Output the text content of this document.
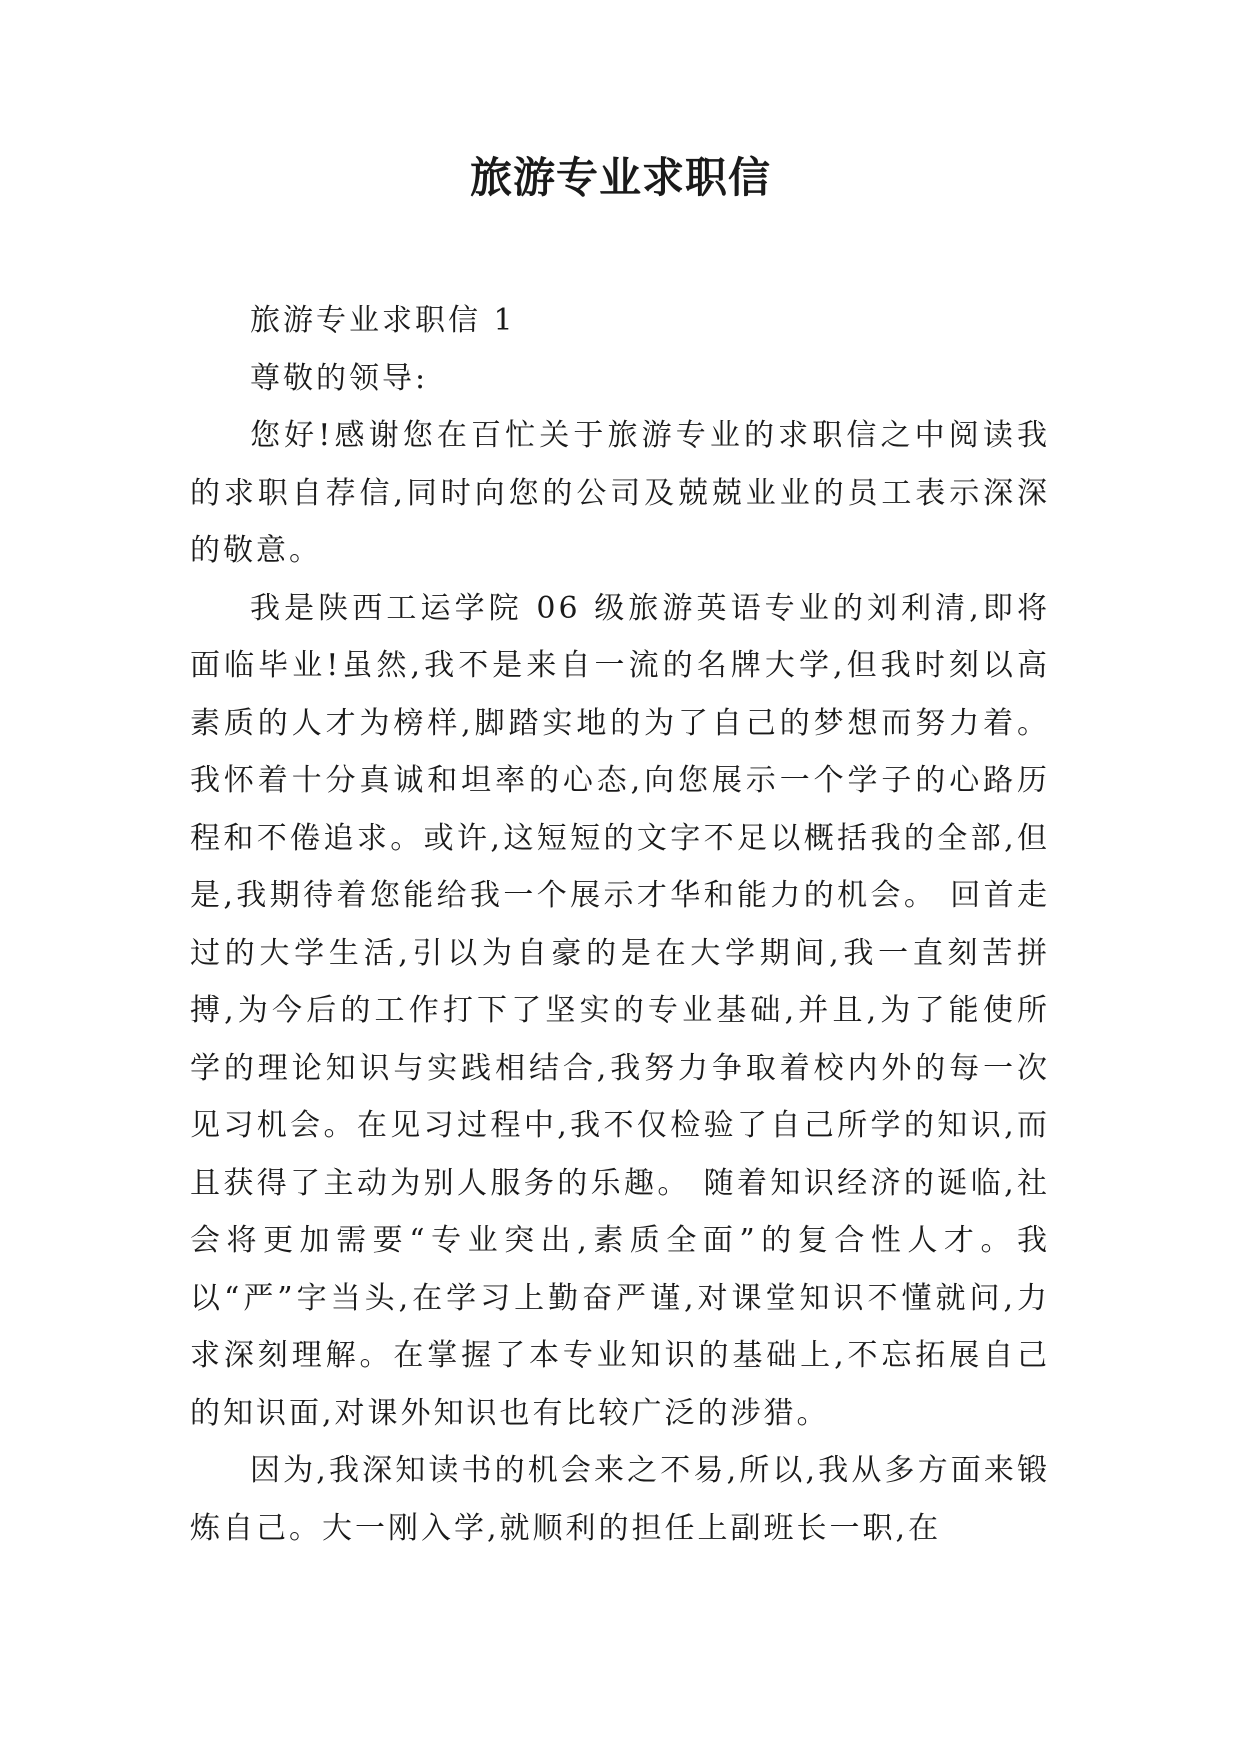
旅游专业求职信

旅游专业求职信 1

尊敬的领导:

您好!感谢您在百忙关于旅游专业的求职信之中阅读我的求职自荐信,同时向您的公司及兢兢业业的员工表示深深的敬意。

我是陕西工运学院 06 级旅游英语专业的刘利清,即将面临毕业!虽然,我不是来自一流的名牌大学,但我时刻以高素质的人才为榜样,脚踏实地的为了自己的梦想而努力着。我怀着十分真诚和坦率的心态,向您展示一个学子的心路历程和不倦追求。或许,这短短的文字不足以概括我的全部,但是,我期待着您能给我一个展示才华和能力的机会。 回首走过的大学生活,引以为自豪的是在大学期间,我一直刻苦拼搏,为今后的工作打下了坚实的专业基础,并且,为了能使所学的理论知识与实践相结合,我努力争取着校内外的每一次见习机会。在见习过程中,我不仅检验了自己所学的知识,而且获得了主动为别人服务的乐趣。 随着知识经济的诞临,社会将更加需要“专业突出,素质全面”的复合性人才。我以“严”字当头,在学习上勤奋严谨,对课堂知识不懂就问,力求深刻理解。在掌握了本专业知识的基础上,不忘拓展自己的知识面,对课外知识也有比较广泛的涉猎。

因为,我深知读书的机会来之不易,所以,我从多方面来锻炼自己。大一刚入学,就顺利的担任上副班长一职,在
